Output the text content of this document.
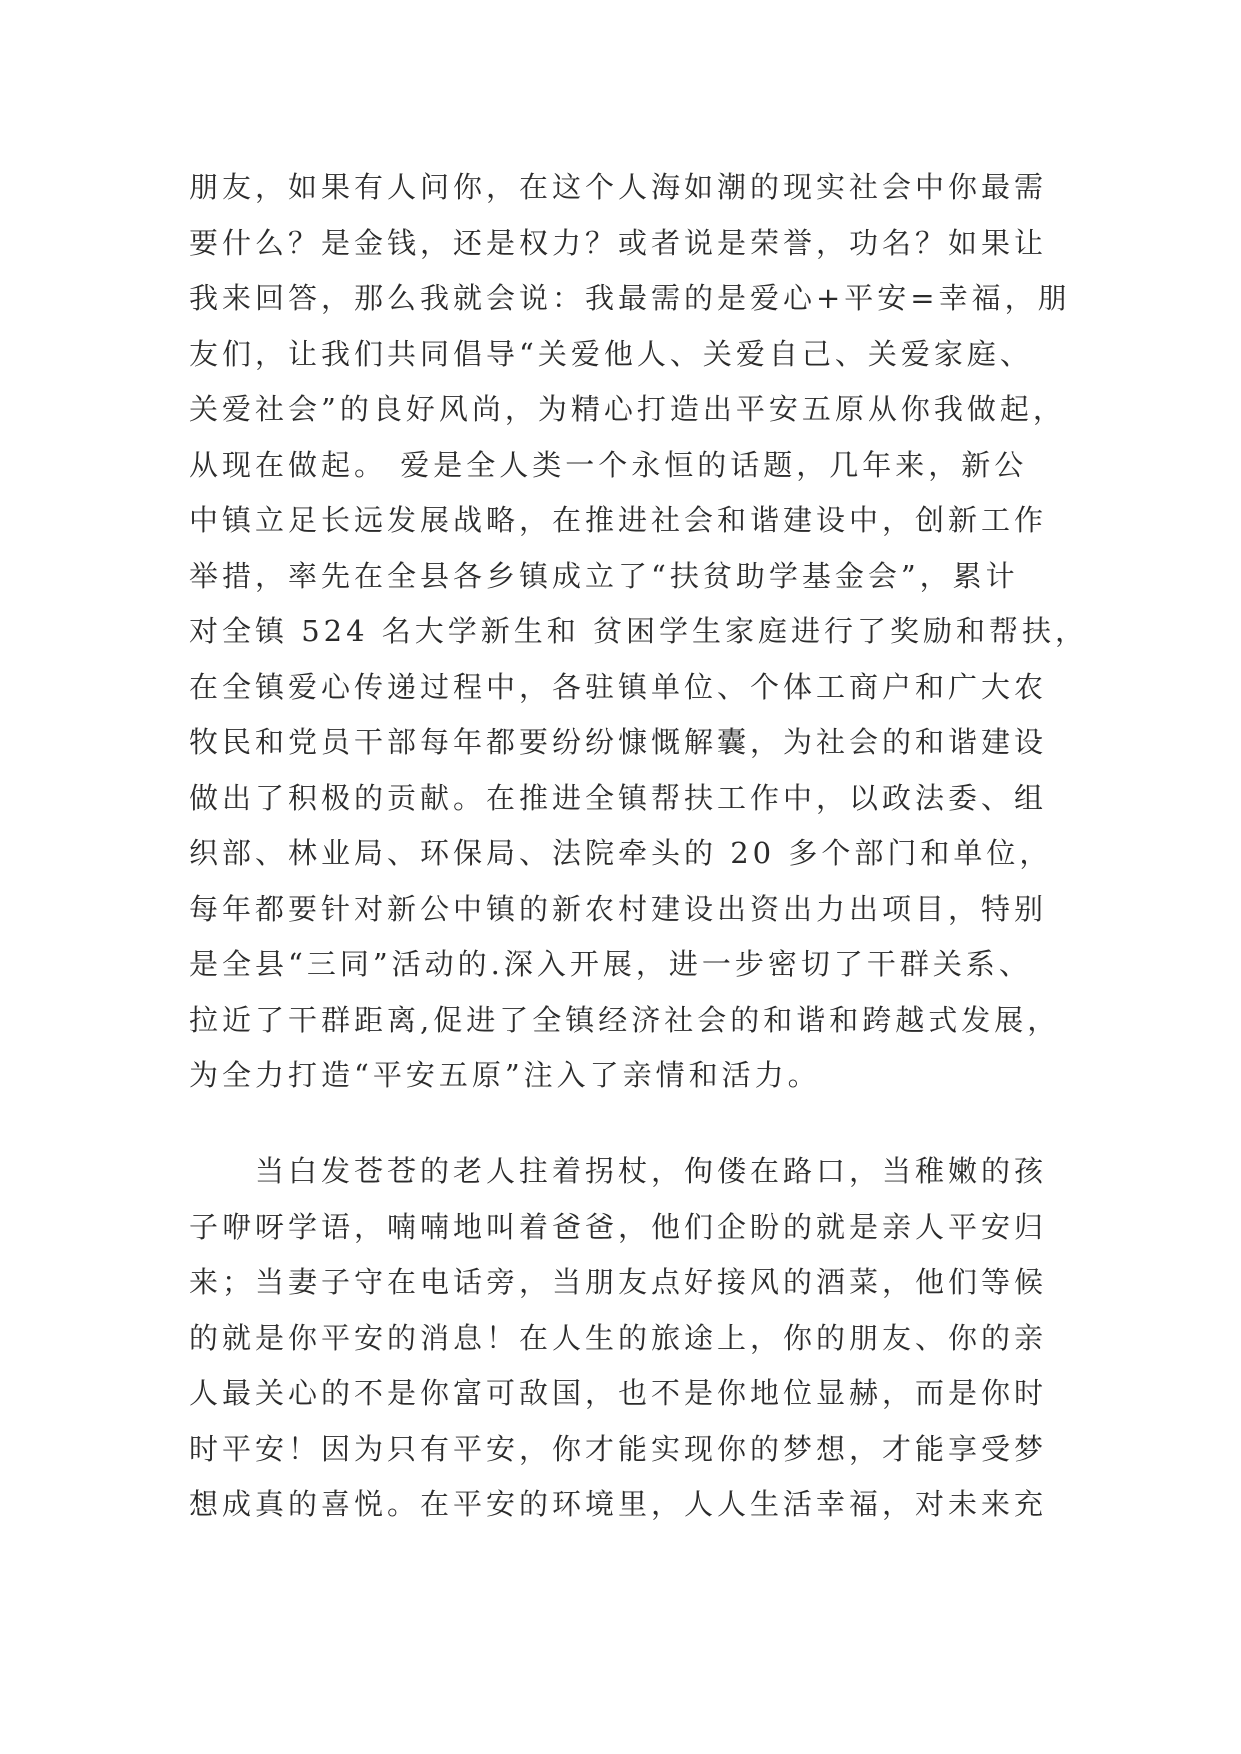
朋友，如果有人问你，在这个人海如潮的现实社会中你最需
要什么？是金钱，还是权力？或者说是荣誉，功名？如果让
我来回答，那么我就会说：我最需的是爱心+平安=幸福，朋
友们，让我们共同倡导“关爱他人、关爱自己、关爱家庭、
关爱社会”的良好风尚，为精心打造出平安五原从你我做起，
从现在做起。 爱是全人类一个永恒的话题，几年来，新公
中镇立足长远发展战略，在推进社会和谐建设中，创新工作
举措，率先在全县各乡镇成立了“扶贫助学基金会”，累计
对全镇 524 名大学新生和 贫困学生家庭进行了奖励和帮扶，
在全镇爱心传递过程中，各驻镇单位、个体工商户和广大农
牧民和党员干部每年都要纷纷慷慨解囊，为社会的和谐建设
做出了积极的贡献。在推进全镇帮扶工作中，以政法委、组
织部、林业局、环保局、法院牵头的 20 多个部门和单位，
每年都要针对新公中镇的新农村建设出资出力出项目，特别
是全县“三同”活动的.深入开展，进一步密切了干群关系、
拉近了干群距离,促进了全镇经济社会的和谐和跨越式发展，
为全力打造“平安五原”注入了亲情和活力。
当白发苍苍的老人拄着拐杖，佝偻在路口，当稚嫩的孩
子咿呀学语，喃喃地叫着爸爸，他们企盼的就是亲人平安归
来；当妻子守在电话旁，当朋友点好接风的酒菜，他们等候
的就是你平安的消息！在人生的旅途上，你的朋友、你的亲
人最关心的不是你富可敌国，也不是你地位显赫，而是你时
时平安！因为只有平安，你才能实现你的梦想，才能享受梦
想成真的喜悦。在平安的环境里，人人生活幸福，对未来充
